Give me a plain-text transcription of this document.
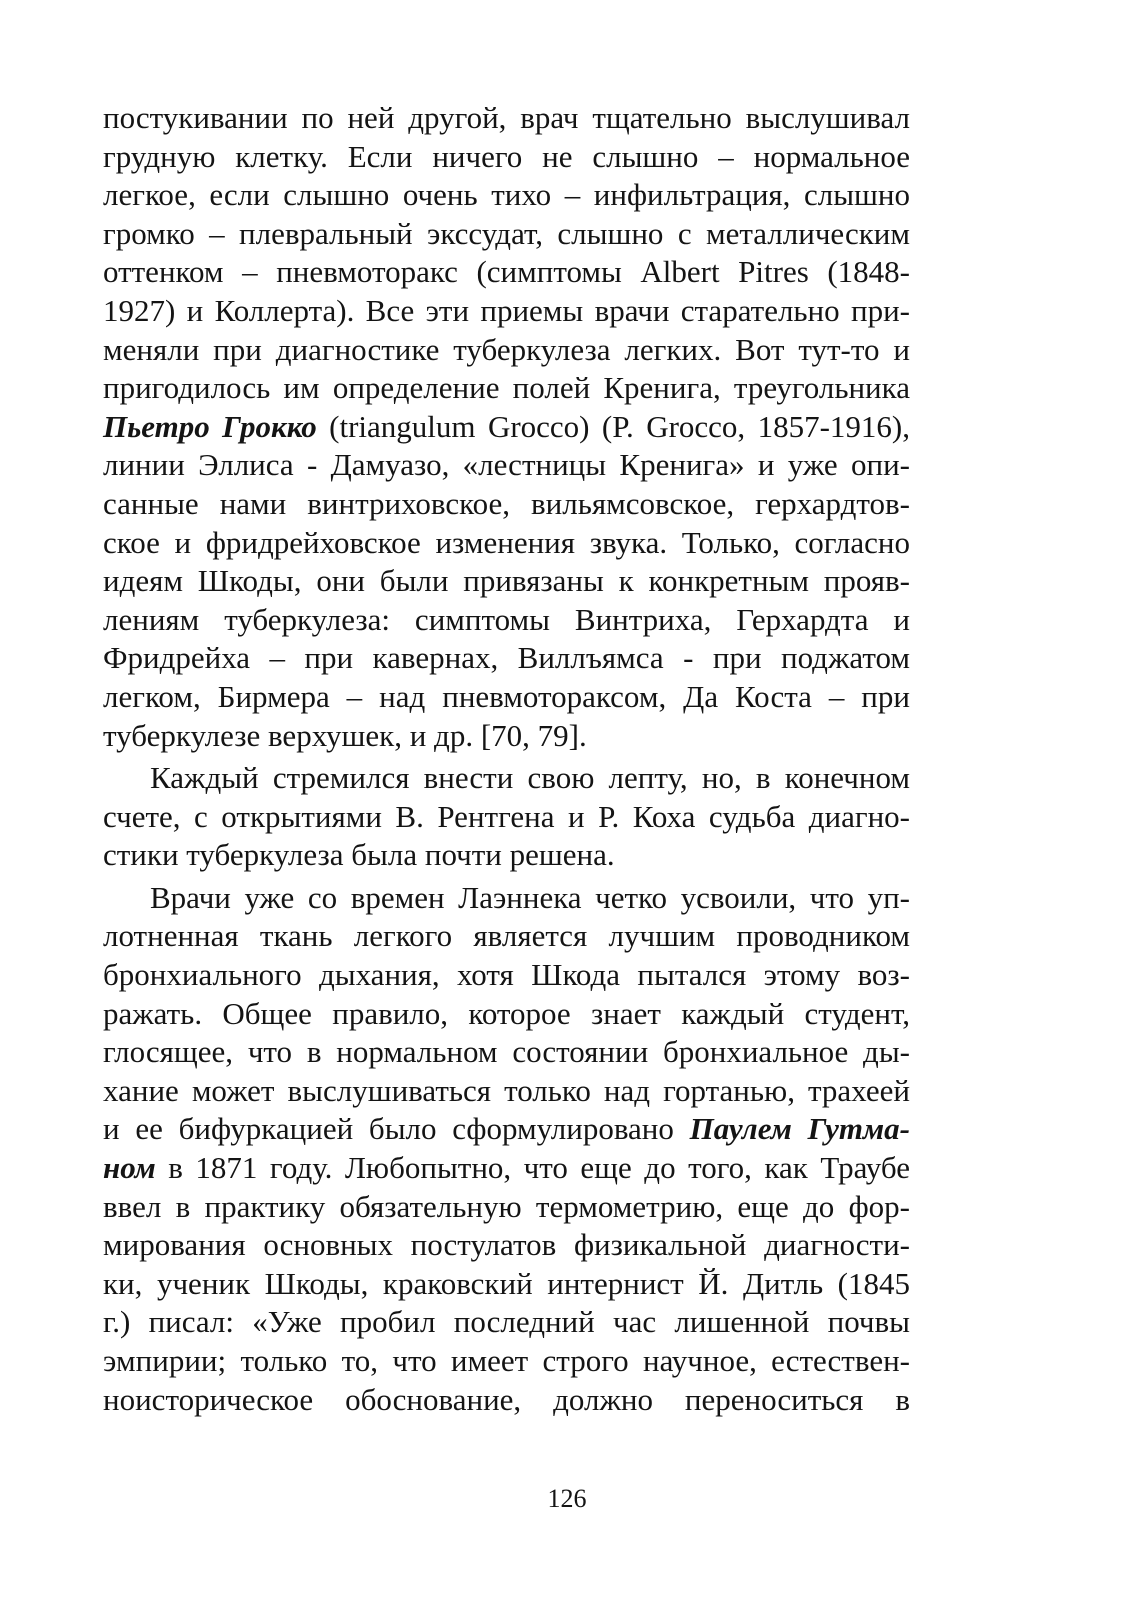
постукивании по ней другой, врач тщательно выслушивал
грудную клетку. Если ничего не слышно – нормальное
легкое, если слышно очень тихо – инфильтрация, слышно
громко – плевральный экссудат, слышно с металлическим
оттенком – пневмоторакс (симптомы Albert Pitres (1848-
1927) и Коллерта). Все эти приемы врачи старательно при-
меняли при диагностике туберкулеза легких. Вот тут-то и
пригодилось им определение полей Кренига, треугольника
Пьетро Грокко (triangulum Grocco) (P. Grocco, 1857-1916),
линии Эллиса - Дамуазо, «лестницы Кренига» и уже опи-
санные нами винтриховское, вильямсовское, герхардтов-
ское и фридрейховское изменения звука. Только, согласно
идеям Шкоды, они были привязаны к конкретным прояв-
лениям туберкулеза: симптомы Винтриха, Герхардта и
Фридрейха – при кавернах, Виллъямса - при поджатом
легком, Бирмера – над пневмотораксом, Да Коста – при
туберкулезе верхушек, и др. [70, 79].
Каждый стремился внести свою лепту, но, в конечном
счете, с открытиями В. Рентгена и Р. Коха судьба диагно-
стики туберкулеза была почти решена.
Врачи уже со времен Лаэннека четко усвоили, что уп-
лотненная ткань легкого является лучшим проводником
бронхиального дыхания, хотя Шкода пытался этому воз-
ражать. Общее правило, которое знает каждый студент,
глосящее, что в нормальном состоянии бронхиальное ды-
хание может выслушиваться только над гортанью, трахеей
и ее бифуркацией было сформулировано Паулем Гутма-
ном в 1871 году. Любопытно, что еще до того, как Траубе
ввел в практику обязательную термометрию, еще до фор-
мирования основных постулатов физикальной диагности-
ки, ученик Шкоды, краковский интернист Й. Дитль (1845
г.) писал: «Уже пробил последний час лишенной почвы
эмпирии; только то, что имеет строго научное, естествен-
ноисторическое обоснование, должно переноситься в
126
